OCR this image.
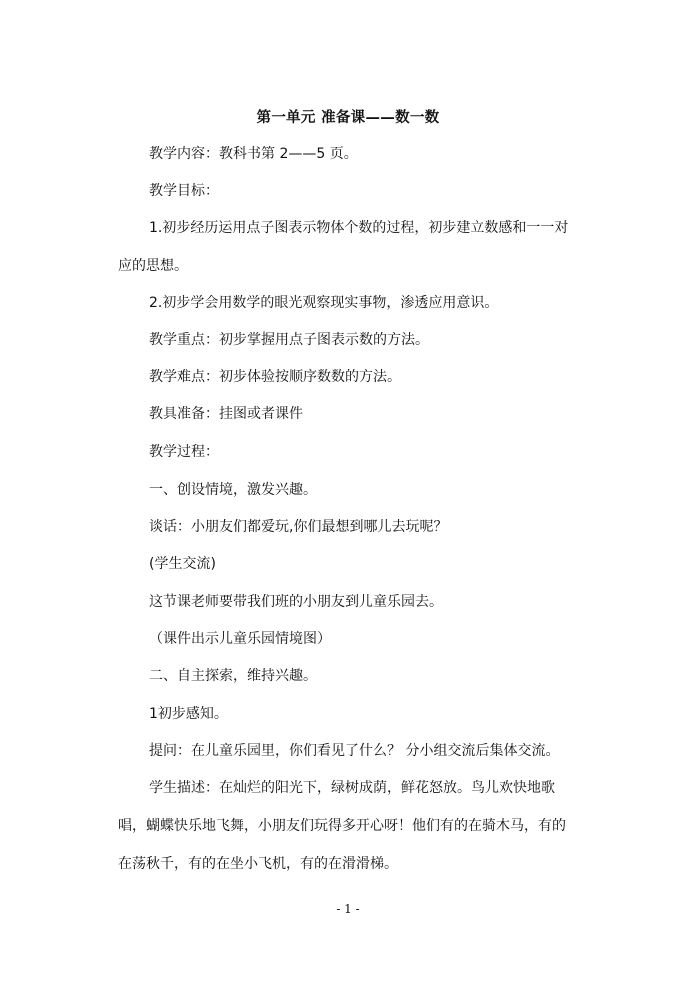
第一单元 准备课——数一数
教学内容：教科书第 2——5 页。
教学目标：
1.初步经历运用点子图表示物体个数的过程，初步建立数感和一一对
应的思想。
2.初步学会用数学的眼光观察现实事物，渗透应用意识。
教学重点：初步掌握用点子图表示数的方法。
教学难点：初步体验按顺序数数的方法。
教具准备：挂图或者课件
教学过程：
一、创设情境，激发兴趣。
谈话：小朋友们都爱玩,你们最想到哪儿去玩呢？
(学生交流)
这节课老师要带我们班的小朋友到儿童乐园去。
（课件出示儿童乐园情境图）
二、自主探索，维持兴趣。
1初步感知。
提问：在儿童乐园里，你们看见了什么？ 分小组交流后集体交流。
学生描述：在灿烂的阳光下，绿树成荫，鲜花怒放。鸟儿欢快地歌
唱，蝴蝶快乐地飞舞，小朋友们玩得多开心呀！他们有的在骑木马，有的
在荡秋千，有的在坐小飞机，有的在滑滑梯。
- 1 -
